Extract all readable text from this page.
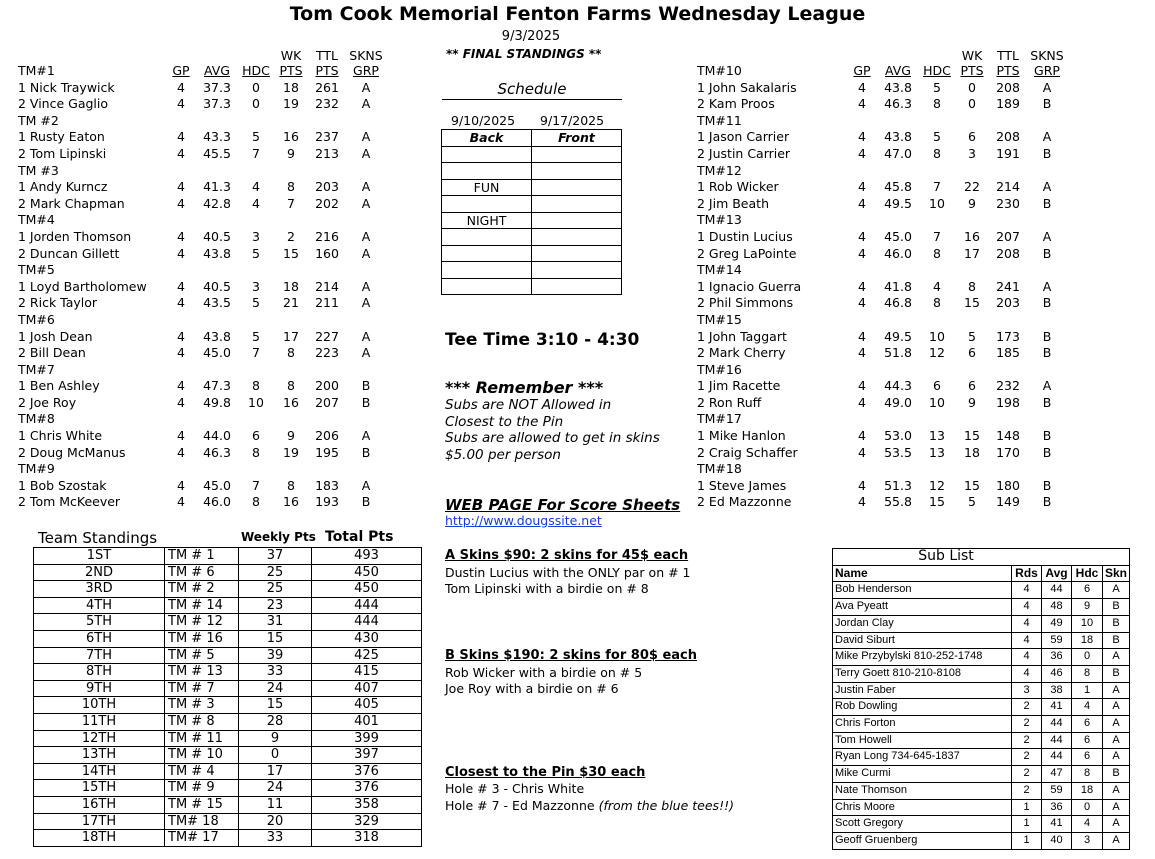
Tom Cook Memorial Fenton Farms Wednesday League
9/3/2025
** FINAL STANDINGS **
				WK	TTL	SKNS
TM#1	GP	AVG	HDC	PTS	PTS	GRP
1 Nick Traywick	4	37.3	0	18	261	A
2 Vince Gaglio	4	37.3	0	19	232	A
TM #2						
1 Rusty Eaton	4	43.3	5	16	237	A
2 Tom Lipinski	4	45.5	7	9	213	A
TM #3						
1 Andy Kurncz	4	41.3	4	8	203	A
2 Mark Chapman	4	42.8	4	7	202	A
TM#4						
1 Jorden Thomson	4	40.5	3	2	216	A
2 Duncan Gillett	4	43.8	5	15	160	A
TM#5						
1 Loyd Bartholomew	4	40.5	3	18	214	A
2 Rick Taylor	4	43.5	5	21	211	A
TM#6						
1 Josh Dean	4	43.8	5	17	227	A
2 Bill Dean	4	45.0	7	8	223	A
TM#7						
1 Ben Ashley	4	47.3	8	8	200	B
2 Joe Roy	4	49.8	10	16	207	B
TM#8						
1 Chris White	4	44.0	6	9	206	A
2 Doug McManus	4	46.3	8	19	195	B
TM#9						
1 Bob Szostak	4	45.0	7	8	183	A
2 Tom McKeever	4	46.0	8	16	193	B
				WK	TTL	SKNS
TM#10	GP	AVG	HDC	PTS	PTS	GRP
1 John Sakalaris	4	43.8	5	0	208	A
2 Kam Proos	4	46.3	8	0	189	B
TM#11						
1 Jason Carrier	4	43.8	5	6	208	A
2 Justin Carrier	4	47.0	8	3	191	B
TM#12						
1 Rob Wicker	4	45.8	7	22	214	A
2 Jim Beath	4	49.5	10	9	230	B
TM#13						
1 Dustin Lucius	4	45.0	7	16	207	A
2 Greg LaPointe	4	46.0	8	17	208	B
TM#14						
1 Ignacio Guerra	4	41.8	4	8	241	A
2 Phil Simmons	4	46.8	8	15	203	B
TM#15						
1 John Taggart	4	49.5	10	5	173	B
2 Mark Cherry	4	51.8	12	6	185	B
TM#16						
1 Jim Racette	4	44.3	6	6	232	A
2 Ron Ruff	4	49.0	10	9	198	B
TM#17						
1 Mike Hanlon	4	53.0	13	15	148	B
2 Craig Schaffer	4	53.5	13	18	170	B
TM#18						
1 Steve James	4	51.3	12	15	180	B
2 Ed Mazzonne	4	55.8	15	5	149	B
Schedule
9/10/2025 9/17/2025
Back	Front

FUN	

NIGHT	

Tee Time 3:10 - 4:30
*** Remember ***
Subs are NOT Allowed in
Closest to the Pin
Subs are allowed to get in skins
$5.00 per person
WEB PAGE For Score Sheets
http://www.dougssite.net
A Skins $90: 2 skins for 45$ each
Dustin Lucius with the ONLY par on # 1
Tom Lipinski with a birdie on # 8
B Skins $190: 2 skins for 80$ each
Rob Wicker with a birdie on # 5
Joe Roy with a birdie on # 6
Closest to the Pin $30 each
Hole # 3 - Chris White
Hole # 7 - Ed Mazzonne (from the blue tees!!)
Team Standings	Weekly Pts Total Pts
1ST	TM # 1	37	493
2ND	TM # 6	25	450
3RD	TM # 2	25	450
4TH	TM # 14	23	444
5TH	TM # 12	31	444
6TH	TM # 16	15	430
7TH	TM # 5	39	425
8TH	TM # 13	33	415
9TH	TM # 7	24	407
10TH	TM # 3	15	405
11TH	TM # 8	28	401
12TH	TM # 11	9	399
13TH	TM # 10	0	397
14TH	TM # 4	17	376
15TH	TM # 9	24	376
16TH	TM # 15	11	358
17TH	TM# 18	20	329
18TH	TM# 17	33	318
Sub List				
Name	Rds	Avg	Hdc	Skn
Bob Henderson	4	44	6	A
Ava Pyeatt	4	48	9	B
Jordan Clay	4	49	10	B
David Siburt	4	59	18	B
Mike Przybylski 810-252-1748	4	36	0	A
Terry Goett 810-210-8108	4	46	8	B
Justin Faber	3	38	1	A
Rob Dowling	2	41	4	A
Chris Forton	2	44	6	A
Tom Howell	2	44	6	A
Ryan Long 734-645-1837	2	44	6	A
Mike Curmi	2	47	8	B
Nate Thomson	2	59	18	A
Chris Moore	1	36	0	A
Scott Gregory	1	41	4	A
Geoff Gruenberg	1	40	3	A
